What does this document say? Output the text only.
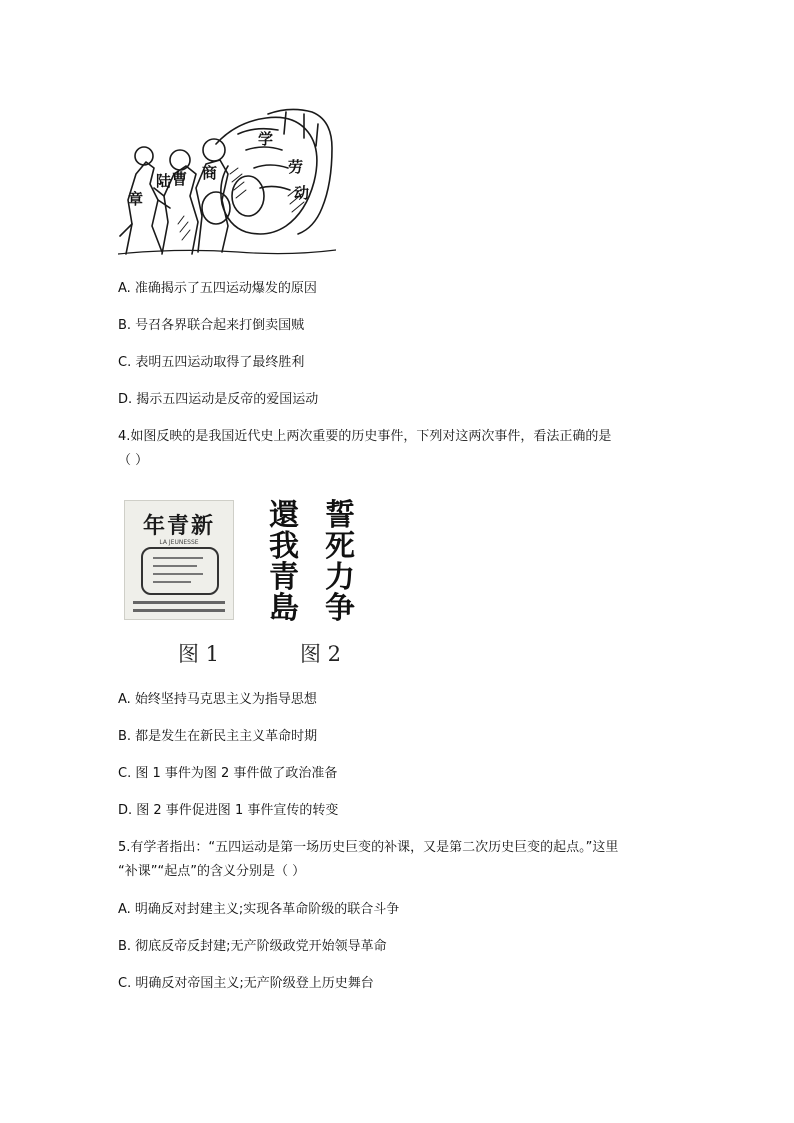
章
陆 曹 商
学
劳
动
A. 准确揭示了五四运动爆发的原因
B. 号召各界联合起来打倒卖国贼
C. 表明五四运动取得了最终胜利
D. 揭示五四运动是反帝的爱国运动
4.如图反映的是我国近代史上两次重要的历史事件，下列对这两次事件，看法正确的是
（ ）
年青新
LA JEUNESSE
還
我
青
島
誓
死
力
争
图 1	图 2
A. 始终坚持马克思主义为指导思想
B. 都是发生在新民主主义革命时期
C. 图 1 事件为图 2 事件做了政治准备
D. 图 2 事件促进图 1 事件宣传的转变
5.有学者指出：“五四运动是第一场历史巨变的补课，又是第二次历史巨变的起点。”这里
“补课”“起点”的含义分别是（ ）
A. 明确反对封建主义;实现各革命阶级的联合斗争
B. 彻底反帝反封建;无产阶级政党开始领导革命
C. 明确反对帝国主义;无产阶级登上历史舞台
